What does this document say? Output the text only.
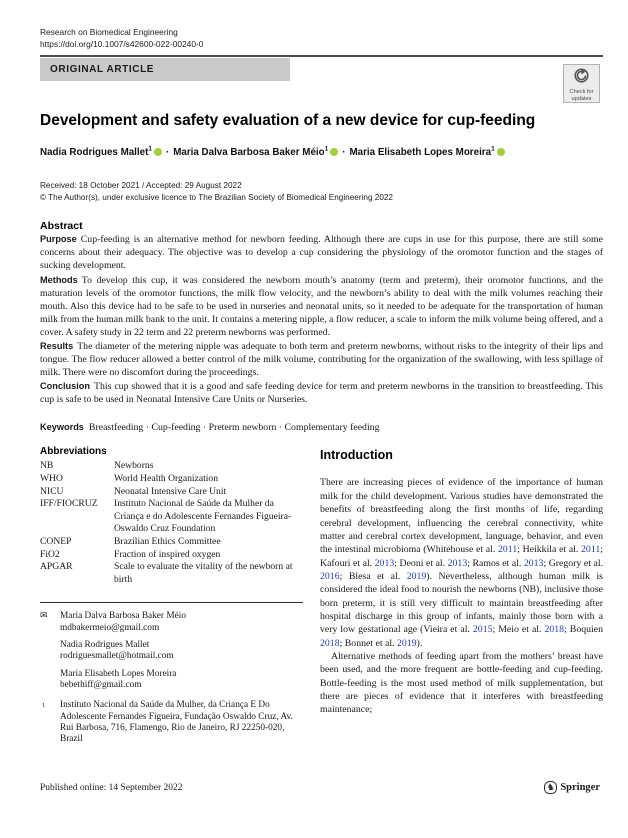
Research on Biomedical Engineering
https://doi.org/10.1007/s42600-022-00240-0
ORIGINAL ARTICLE
Check for
updates
Development and safety evaluation of a new device for cup-feeding
Nadia Rodrigues Mallet$^1$ · Maria Dalva Barbosa Baker Méio$^1$ · Maria Elisabeth Lopes Moreira$^1$
Received: 18 October 2021 / Accepted: 29 August 2022
© The Author(s), under exclusive licence to The Brazilian Society of Biomedical Engineering 2022
Abstract

Purpose Cup-feeding is an alternative method for newborn feeding. Although there are cups in use for this purpose, there are still some concerns about their adequacy. The objective was to develop a cup considering the physiology of the oromotor function and the stages of sucking development.

Methods To develop this cup, it was considered the newborn mouth’s anatomy (term and preterm), their oromotor functions, and the maturation levels of the oromotor functions, the milk flow velocity, and the newborn’s ability to deal with the milk volumes reaching their mouth. Also this device had to be safe to be used in nurseries and neonatal units, so it needed to be adequate for the transportation of human milk from the human milk bank to the unit. It contains a metering nipple, a flow reducer, a scale to inform the milk volume being offered, and a cover. A safety study in 22 term and 22 preterm newborns was performed.

Results The diameter of the metering nipple was adequate to both term and preterm newborns, without risks to the integrity of their lips and tongue. The flow reducer allowed a better control of the milk volume, contributing for the organization of the swallowing, with less spillage of milk. There were no discomfort during the proceedings.

Conclusion This cup showed that it is a good and safe feeding device for term and preterm newborns in the transition to breastfeeding. This cup is safe to be used in Neonatal Intensive Care Units or Nurseries.

Keywords Breastfeeding · Cup-feeding · Preterm newborn · Complementary feeding

Abbreviations
NB	Newborns
WHO	World Health Organization
NICU	Neonatal Intensive Care Unit
IFF/FIOCRUZ	Instituto Nacional de Saúde da Mulher da Criança e do Adolescente Fernandes Figueira-Oswaldo Cruz Foundation
CONEP	Brazilian Ethics Committee
FiO2	Fraction of inspired oxygen
APGAR	Scale to evaluate the vitality of the newborn at birth
✉ Maria Dalva Barbosa Baker Méio
mdbakermeio@gmail.com
Nadia Rodrigues Mallet
rodriguesmallet@hotmail.com
Maria Elisabeth Lopes Moreira
bebethiff@gmail.com
1 Instituto Nacional da Saúde da Mulher, da Criança E Do Adolescente Fernandes Figueira, Fundação Oswaldo Cruz, Av. Rui Barbosa, 716, Flamengo, Rio de Janeiro, RJ 22250-020, Brazil
Introduction

There are increasing pieces of evidence of the importance of human milk for the child development. Various studies have demonstrated the benefits of breastfeeding along the first months of life, regarding cerebral development, influencing the cerebral connectivity, white matter and cerebral cortex development, language, behavior, and even the intestinal microbioma (Whitehouse et al. 2011; Heikkila et al. 2011; Kafouri et al. 2013; Deoni et al. 2013; Ramos et al. 2013; Gregory et al. 2016; Blesa et al. 2019). Nevertheless, although human milk is considered the ideal food to nourish the newborns (NB), inclusive those born preterm, it is still very difficult to maintain breastfeeding after hospital discharge in this group of infants, mainly those born with a very low gestational age (Vieira et al. 2015; Meio et al. 2018; Boquien 2018; Bonnet et al. 2019).

Alternative methods of feeding apart from the mothers’ breast have been used, and the more frequent are bottle-feeding and cup-feeding. Bottle-feeding is the most used method of milk supplementation, but there are pieces of evidence that it interferes with breastfeeding maintenance;

Published online: 14 September 2022	♞ Springer
